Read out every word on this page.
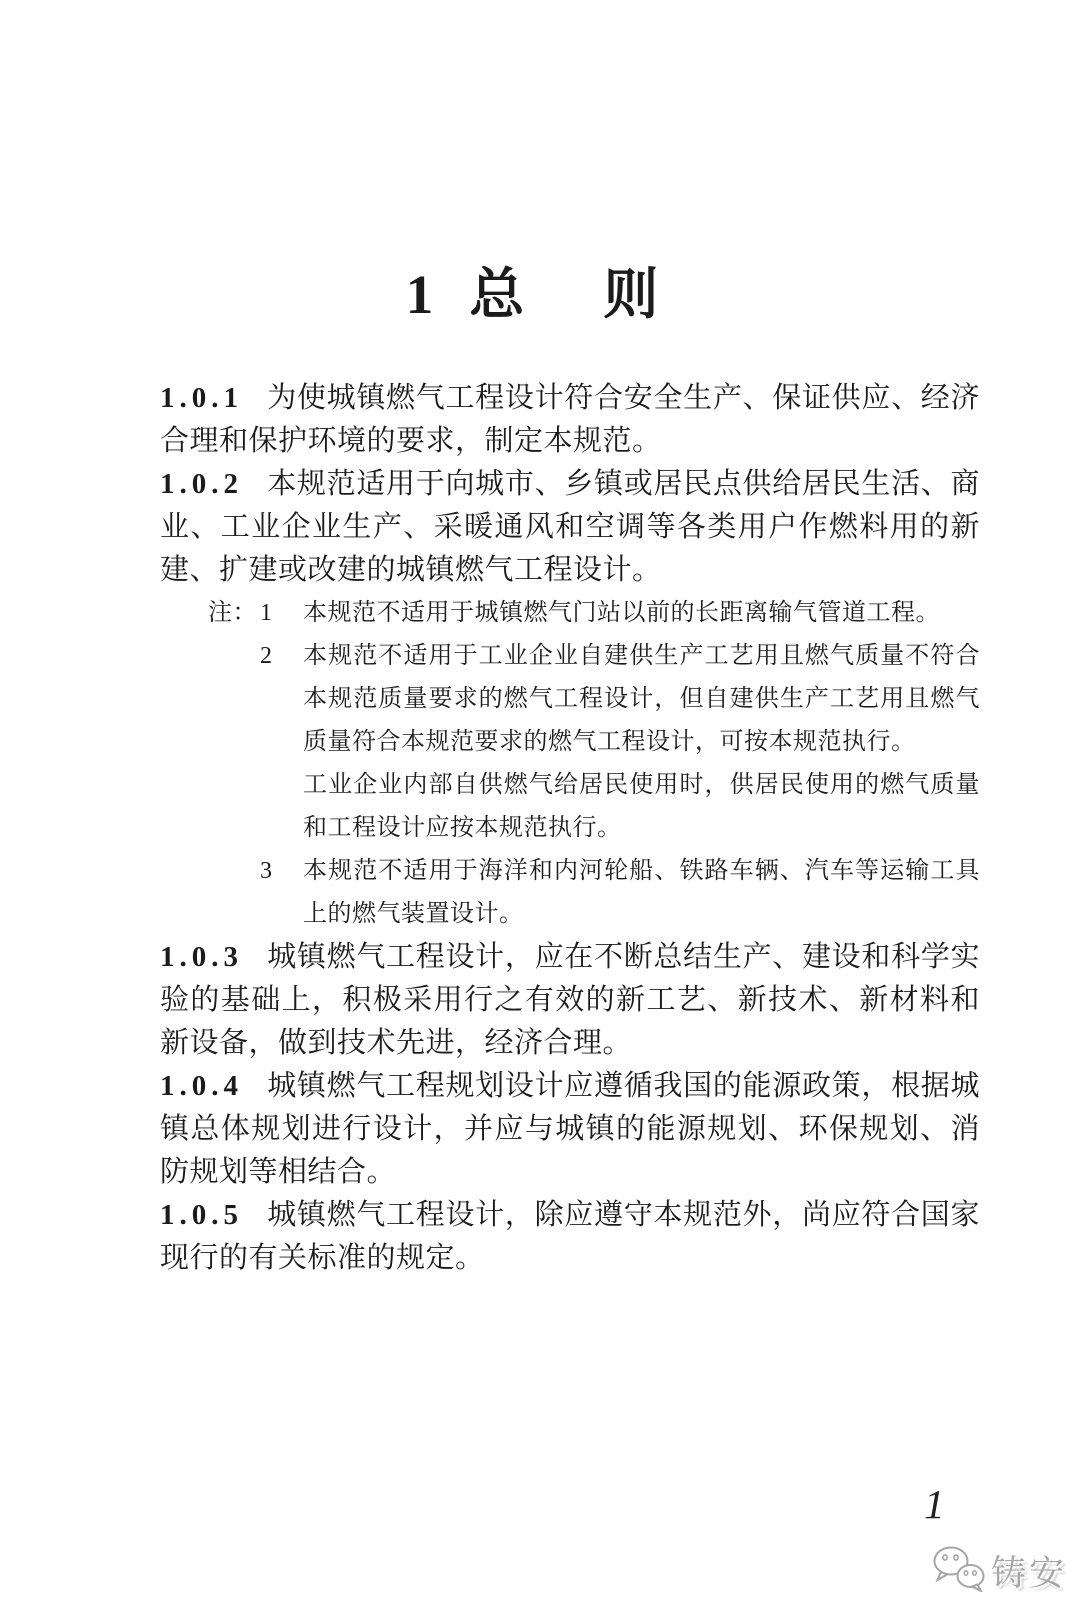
1 总　则

1.0.1 为使城镇燃气工程设计符合安全生产、保证供应、经济合理和保护环境的要求，制定本规范。

1.0.2 本规范适用于向城市、乡镇或居民点供给居民生活、商业、工业企业生产、采暖通风和空调等各类用户作燃料用的新建、扩建或改建的城镇燃气工程设计。

注： 1	本规范不适用于城镇燃气门站以前的长距离输气管道工程。

2	本规范不适用于工业企业自建供生产工艺用且燃气质量不符合本规范质量要求的燃气工程设计，但自建供生产工艺用且燃气质量符合本规范要求的燃气工程设计，可按本规范执行。

工业企业内部自供燃气给居民使用时，供居民使用的燃气质量和工程设计应按本规范执行。

3	本规范不适用于海洋和内河轮船、铁路车辆、汽车等运输工具上的燃气装置设计。

1.0.3 城镇燃气工程设计，应在不断总结生产、建设和科学实验的基础上，积极采用行之有效的新工艺、新技术、新材料和新设备，做到技术先进，经济合理。

1.0.4 城镇燃气工程规划设计应遵循我国的能源政策，根据城镇总体规划进行设计，并应与城镇的能源规划、环保规划、消防规划等相结合。

1.0.5 城镇燃气工程设计，除应遵守本规范外，尚应符合国家现行的有关标准的规定。

1
铸安
